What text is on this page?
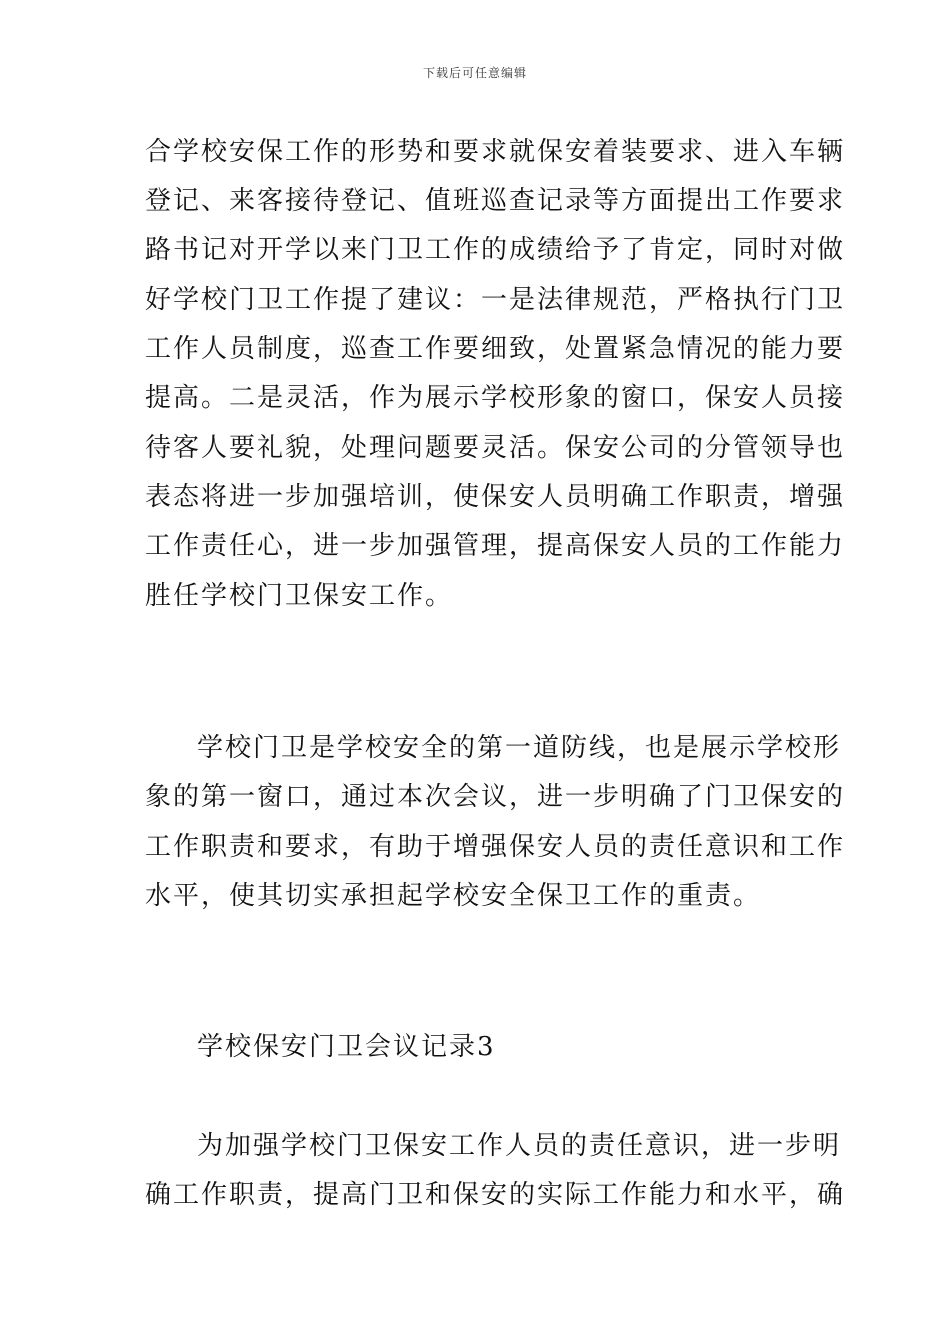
下载后可任意编辑
合学校安保工作的形势和要求就保安着装要求、进入车辆
登记、来客接待登记、值班巡查记录等方面提出工作要求
路书记对开学以来门卫工作的成绩给予了肯定，同时对做
好学校门卫工作提了建议：一是法律规范，严格执行门卫
工作人员制度，巡查工作要细致，处置紧急情况的能力要
提高。二是灵活，作为展示学校形象的窗口，保安人员接
待客人要礼貌，处理问题要灵活。保安公司的分管领导也
表态将进一步加强培训，使保安人员明确工作职责，增强
工作责任心，进一步加强管理，提高保安人员的工作能力
胜任学校门卫保安工作。
学校门卫是学校安全的第一道防线，也是展示学校形
象的第一窗口，通过本次会议，进一步明确了门卫保安的
工作职责和要求，有助于增强保安人员的责任意识和工作
水平，使其切实承担起学校安全保卫工作的重责。
学校保安门卫会议记录3
为加强学校门卫保安工作人员的责任意识，进一步明
确工作职责，提高门卫和保安的实际工作能力和水平，确
